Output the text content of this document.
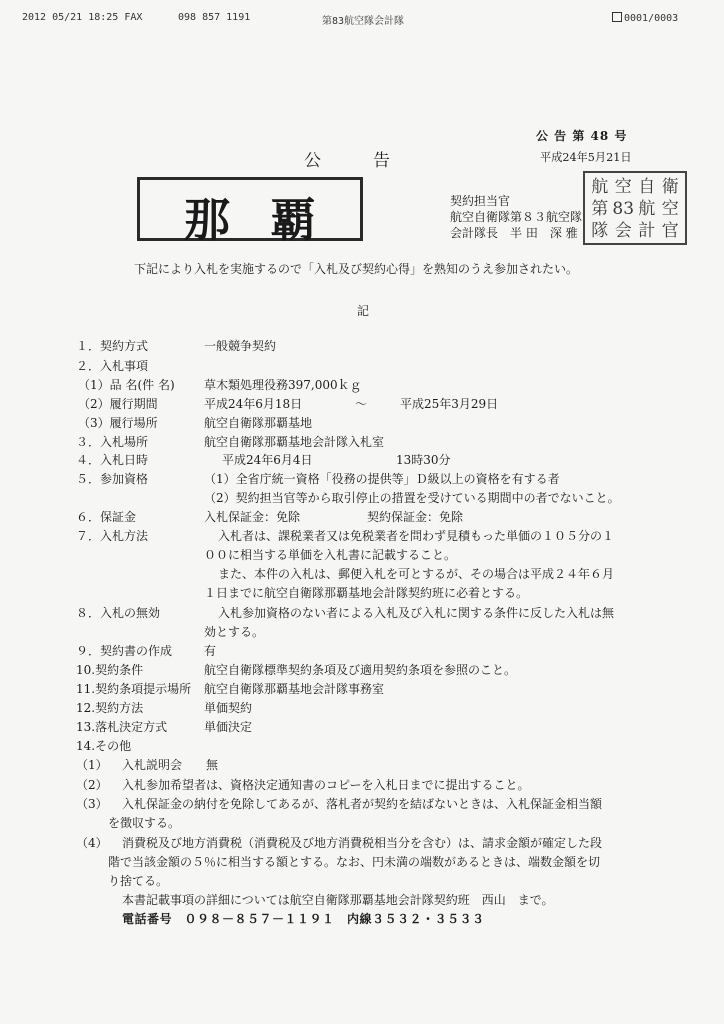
2012 05/21 18:25 FAX	098 857 1191	第83航空隊会計隊	0001/0003
公 告 第 48 号
平成24年5月21日
公告
那覇	契約担当官
航空自衛隊第８３航空隊
会計隊長　半 田　深 雅
航 空 自 衛
第 83 航 空
隊 会 計 官
下記により入札を実施するので「入札及び契約心得」を熟知のうえ参加されたい。
記
１．契約方式	一般競争契約
２．入札事項
（1）品 名(件 名) 草木類処理役務397,000ｋｇ
（2）履行期間	平成24年6月18日	～	平成25年3月29日
（3）履行場所	航空自衛隊那覇基地
３．入札場所	航空自衛隊那覇基地会計隊入札室
４．入札日時	平成24年6月4日	13時30分
５．参加資格	（1）全省庁統一資格「役務の提供等」Ｄ級以上の資格を有する者
（2）契約担当官等から取引停止の措置を受けている期間中の者でないこと。
６．保証金	入札保証金：免除	契約保証金：免除
７．入札方法	入札者は、課税業者又は免税業者を問わず見積もった単価の１０５分の１
００に相当する単価を入札書に記載すること。
また、本件の入札は、郵便入札を可とするが、その場合は平成２４年６月
１日までに航空自衛隊那覇基地会計隊契約班に必着とする。
８．入札の無効	入札参加資格のない者による入札及び入札に関する条件に反した入札は無
効とする。
９．契約書の作成	有
10.契約条件	航空自衛隊標準契約条項及び適用契約条項を参照のこと。
11.契約条項提示場所 航空自衛隊那覇基地会計隊事務室
12.契約方法	単価契約
13.落札決定方式	単価決定
14.その他
（1） 入札説明会　　無
（2） 入札参加希望者は、資格決定通知書のコピーを入札日までに提出すること。
（3） 入札保証金の納付を免除してあるが、落札者が契約を結ばないときは、入札保証金相当額
を徴収する。
（4） 消費税及び地方消費税（消費税及び地方消費税相当分を含む）は、請求金額が確定した段
階で当該金額の５％に相当する額とする。なお、円未満の端数があるときは、端数金額を切
り捨てる。
本書記載事項の詳細については航空自衛隊那覇基地会計隊契約班　西山　まで。
電話番号　０９８－８５７－１１９１　内線３５３２・３５３３
